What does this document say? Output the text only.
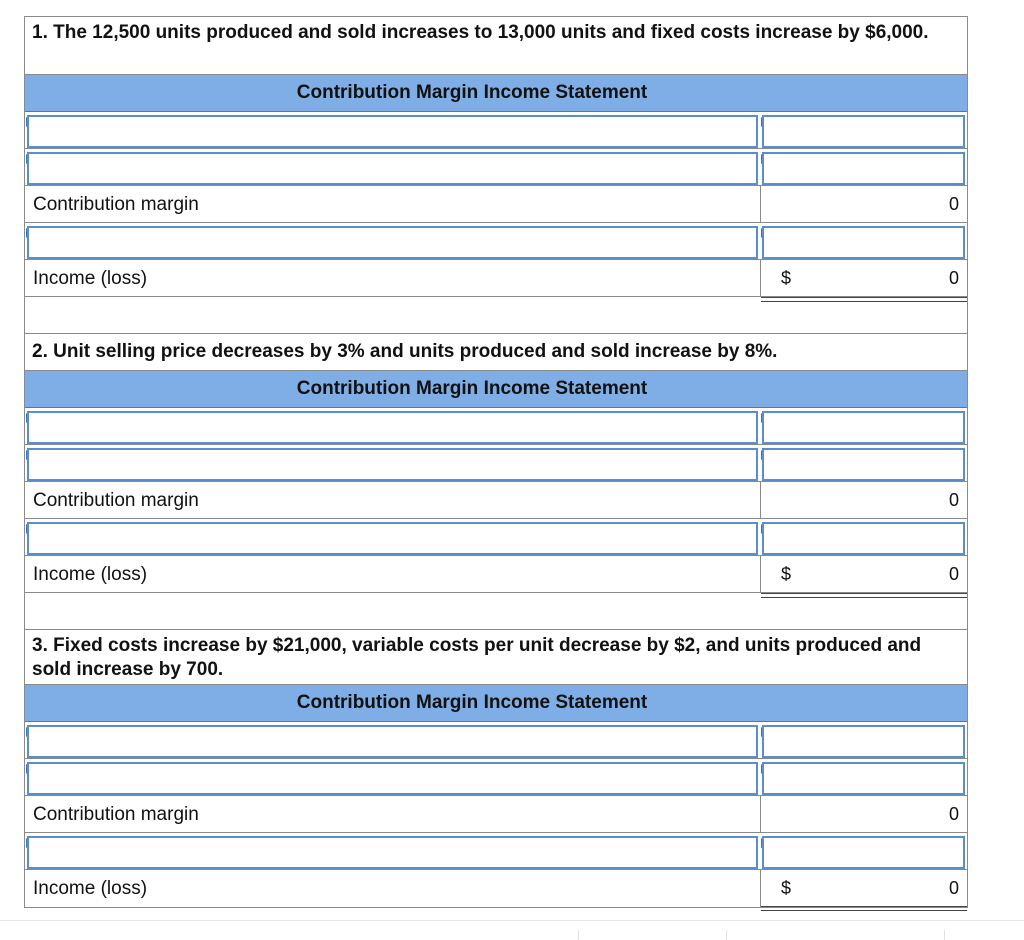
1. The 12,500 units produced and sold increases to 13,000 units and fixed costs increase by $6,000.
Contribution Margin Income Statement
Contribution margin	0
Income (loss)	$	0
2. Unit selling price decreases by 3% and units produced and sold increase by 8%.
Contribution Margin Income Statement
Contribution margin	0
Income (loss)	$	0
3. Fixed costs increase by $21,000, variable costs per unit decrease by $2, and units produced and sold increase by 700.
Contribution Margin Income Statement
Contribution margin	0
Income (loss)	$	0
